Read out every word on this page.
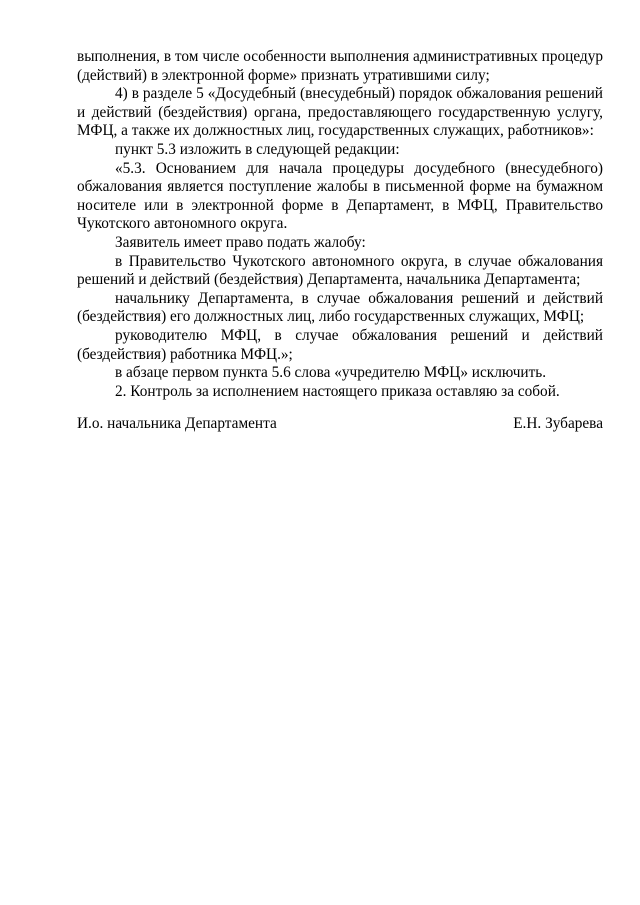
выполнения, в том числе особенности выполнения административных процедур (действий) в электронной форме» признать утратившими силу;

4) в разделе 5 «Досудебный (внесудебный) порядок обжалования решений и действий (бездействия) органа, предоставляющего государственную услугу, МФЦ, а также их должностных лиц, государственных служащих, работников»:

пункт 5.3 изложить в следующей редакции:

«5.3. Основанием для начала процедуры досудебного (внесудебного) обжалования является поступление жалобы в письменной форме на бумажном носителе или в электронной форме в Департамент, в МФЦ, Правительство Чукотского автономного округа.

Заявитель имеет право подать жалобу:

в Правительство Чукотского автономного округа, в случае обжалования решений и действий (бездействия) Департамента, начальника Департамента;

начальнику Департамента, в случае обжалования решений и действий (бездействия) его должностных лиц, либо государственных служащих, МФЦ;

руководителю МФЦ, в случае обжалования решений и действий (бездействия) работника МФЦ.»;

в абзаце первом пункта 5.6 слова «учредителю МФЦ» исключить.

2. Контроль за исполнением настоящего приказа оставляю за собой.

И.о. начальника Департамента	Е.Н. Зубарева
